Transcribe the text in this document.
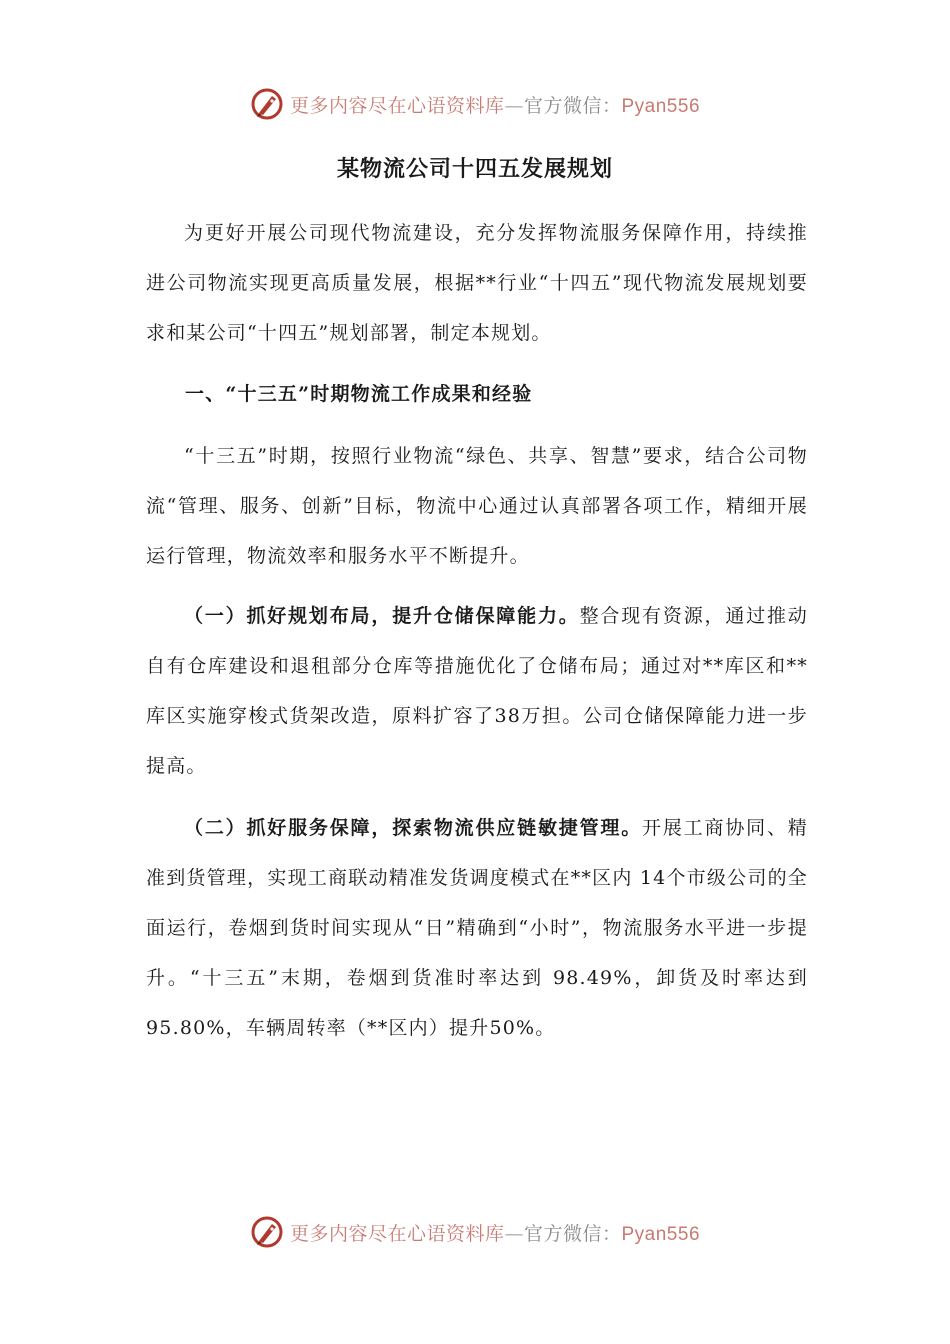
更多内容尽在心语资料库—官方微信：Pyan556
某物流公司十四五发展规划

为更好开展公司现代物流建设，充分发挥物流服务保障作用，持续推进公司物流实现更高质量发展，根据**行业“十四五”现代物流发展规划要求和某公司“十四五”规划部署，制定本规划。

一、“十三五”时期物流工作成果和经验

“十三五”时期，按照行业物流“绿色、共享、智慧”要求，结合公司物流“管理、服务、创新”目标，物流中心通过认真部署各项工作，精细开展运行管理，物流效率和服务水平不断提升。

（一）抓好规划布局，提升仓储保障能力。整合现有资源，通过推动自有仓库建设和退租部分仓库等措施优化了仓储布局；通过对**库区和**库区实施穿梭式货架改造，原料扩容了38万担。公司仓储保障能力进一步提高。

（二）抓好服务保障，探索物流供应链敏捷管理。开展工商协同、精准到货管理，实现工商联动精准发货调度模式在**区内 14个市级公司的全面运行，卷烟到货时间实现从“日”精确到“小时”，物流服务水平进一步提升。“十三五”末期，卷烟到货准时率达到 98.49%，卸货及时率达到 95.80%，车辆周转率（**区内）提升50%。

更多内容尽在心语资料库—官方微信：Pyan556
